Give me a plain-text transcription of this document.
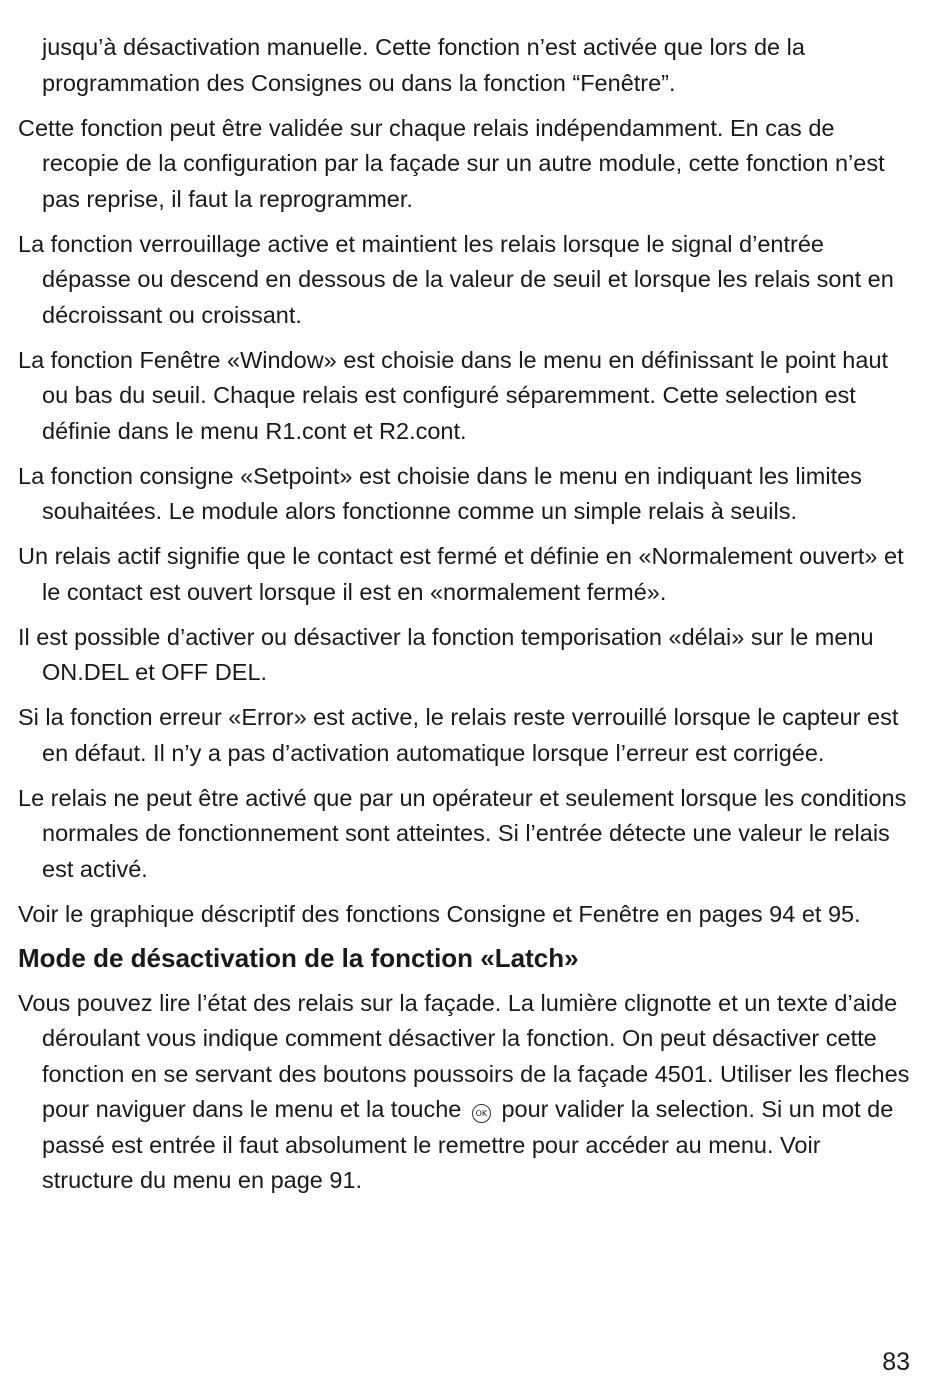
jusqu’à désactivation manuelle. Cette fonction n’est activée que lors de la programmation des Consignes ou dans la fonction “Fenêtre”.

Cette fonction peut être validée sur chaque relais indépendamment. En cas de recopie de la configuration par la façade sur un autre module, cette fonction n’est pas reprise, il faut la reprogrammer.

La fonction verrouillage active et maintient les relais lorsque le signal d’entrée dépasse ou descend en dessous de la valeur de seuil et lorsque les relais sont en décroissant ou croissant.

La fonction Fenêtre «Window» est choisie dans le menu en définissant le point haut ou bas du seuil. Chaque relais est configuré séparemment. Cette selection est définie dans le menu R1.cont et R2.cont.

La fonction consigne «Setpoint» est choisie dans le menu en indiquant les limites souhaitées. Le module alors fonctionne comme un simple relais à seuils.

Un relais actif signifie que le contact est fermé et définie en «Normalement ouvert» et le contact est ouvert lorsque il est en «normalement fermé».

Il est possible d’activer ou désactiver la fonction temporisation «délai» sur le menu ON.DEL et OFF DEL.

Si la fonction erreur «Error» est active, le relais reste verrouillé lorsque le capteur est en défaut. Il n’y a pas d’activation automatique lorsque l’erreur est corrigée.

Le relais ne peut être activé que par un opérateur et seulement lorsque les conditions normales de fonctionnement sont atteintes. Si l’entrée détecte une valeur le relais est activé.

Voir le graphique déscriptif des fonctions Consigne et Fenêtre en pages 94 et 95.

Mode de désactivation de la fonction «Latch»

Vous pouvez lire l’état des relais sur la façade. La lumière clignotte et un texte d’aide déroulant vous indique comment désactiver la fonction. On peut désactiver cette fonction en se servant des boutons poussoirs de la façade 4501. Utiliser les fleches pour naviguer dans le menu et la touche OK pour valider la selection. Si un mot de passé est entrée il faut absolument le remettre pour accéder au menu. Voir structure du menu en page 91.

83
